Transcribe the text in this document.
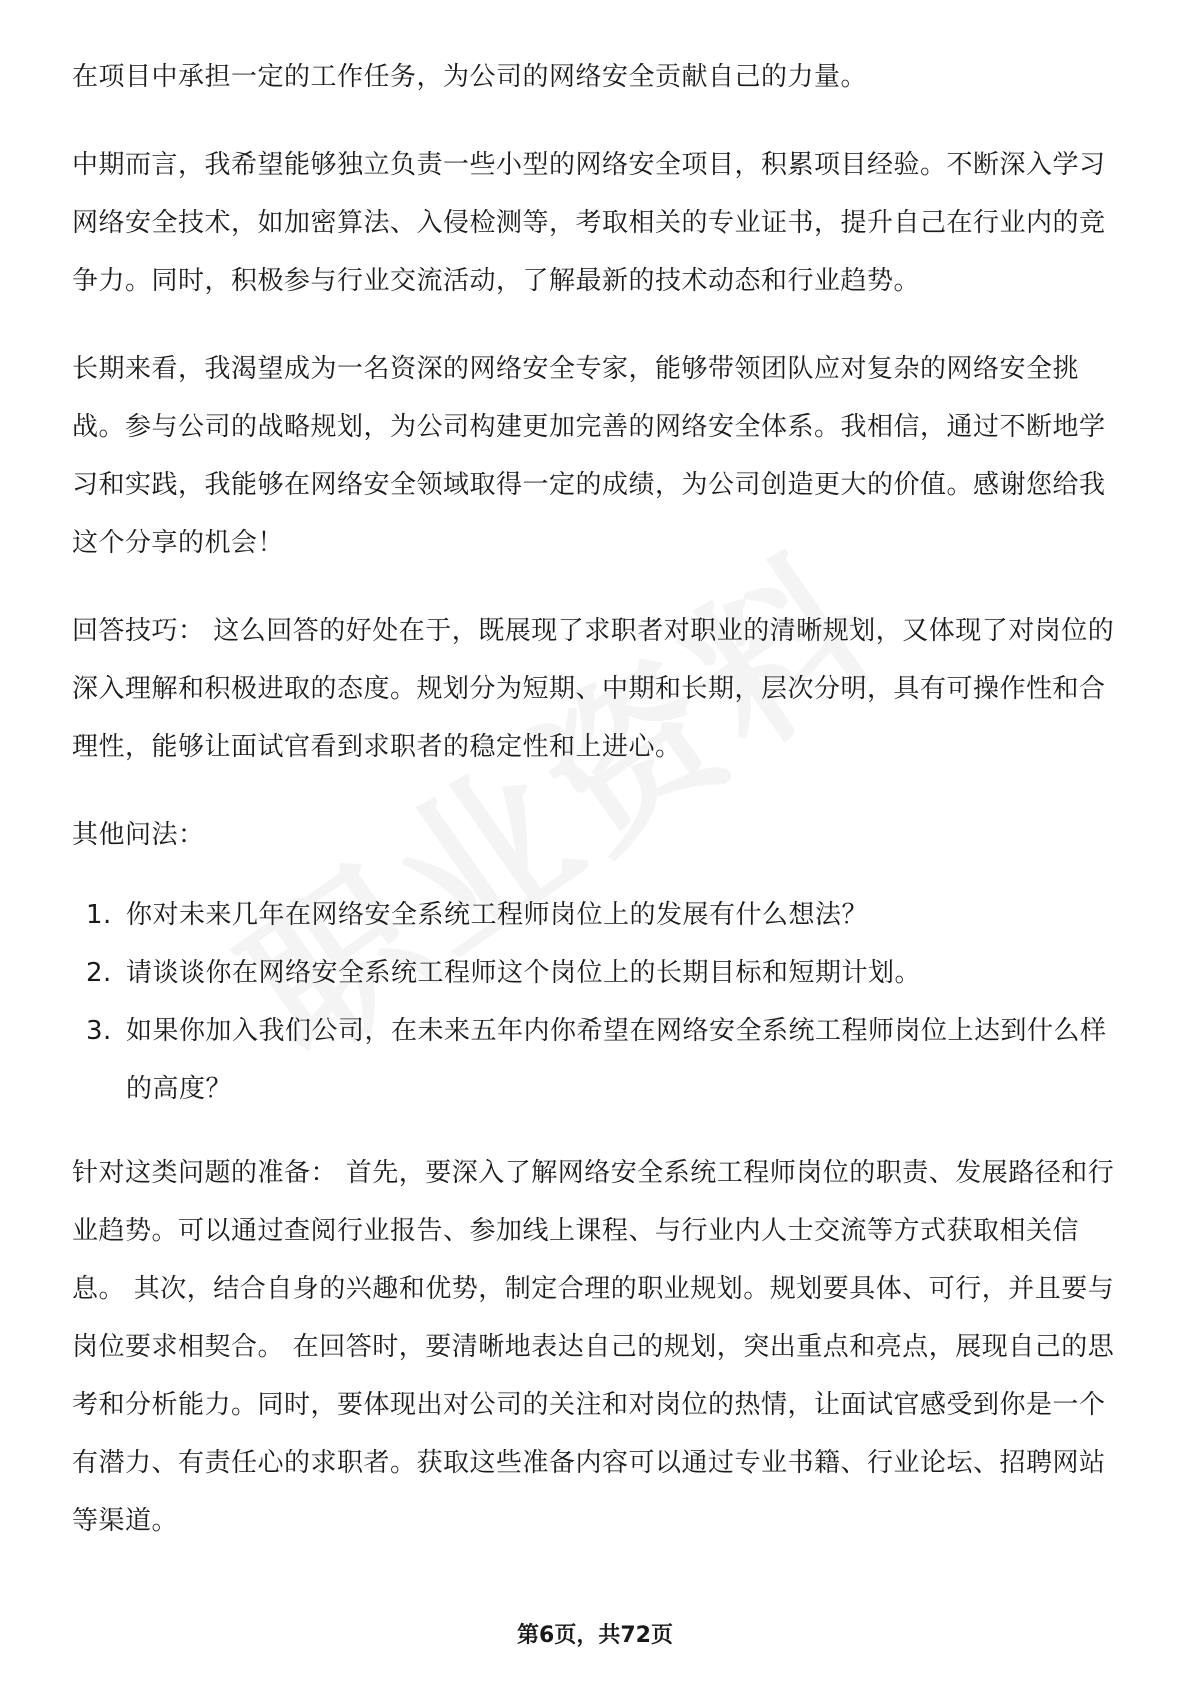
在项目中承担一定的工作任务，为公司的网络安全贡献自己的力量。

中期而言，我希望能够独立负责一些小型的网络安全项目，积累项目经验。不断深入学习网络安全技术，如加密算法、入侵检测等，考取相关的专业证书，提升自己在行业内的竞争力。同时，积极参与行业交流活动，了解最新的技术动态和行业趋势。

长期来看，我渴望成为一名资深的网络安全专家，能够带领团队应对复杂的网络安全挑战。参与公司的战略规划，为公司构建更加完善的网络安全体系。我相信，通过不断地学习和实践，我能够在网络安全领域取得一定的成绩，为公司创造更大的价值。感谢您给我这个分享的机会！

回答技巧： 这么回答的好处在于，既展现了求职者对职业的清晰规划，又体现了对岗位的深入理解和积极进取的态度。规划分为短期、中期和长期，层次分明，具有可操作性和合理性，能够让面试官看到求职者的稳定性和上进心。

其他问法：

1. 你对未来几年在网络安全系统工程师岗位上的发展有什么想法？
2. 请谈谈你在网络安全系统工程师这个岗位上的长期目标和短期计划。
3. 如果你加入我们公司，在未来五年内你希望在网络安全系统工程师岗位上达到什么样的高度？

针对这类问题的准备： 首先，要深入了解网络安全系统工程师岗位的职责、发展路径和行业趋势。可以通过查阅行业报告、参加线上课程、与行业内人士交流等方式获取相关信息。 其次，结合自身的兴趣和优势，制定合理的职业规划。规划要具体、可行，并且要与岗位要求相契合。 在回答时，要清晰地表达自己的规划，突出重点和亮点，展现自己的思考和分析能力。同时，要体现出对公司的关注和对岗位的热情，让面试官感受到你是一个有潜力、有责任心的求职者。获取这些准备内容可以通过专业书籍、行业论坛、招聘网站等渠道。

第6页，共72页
